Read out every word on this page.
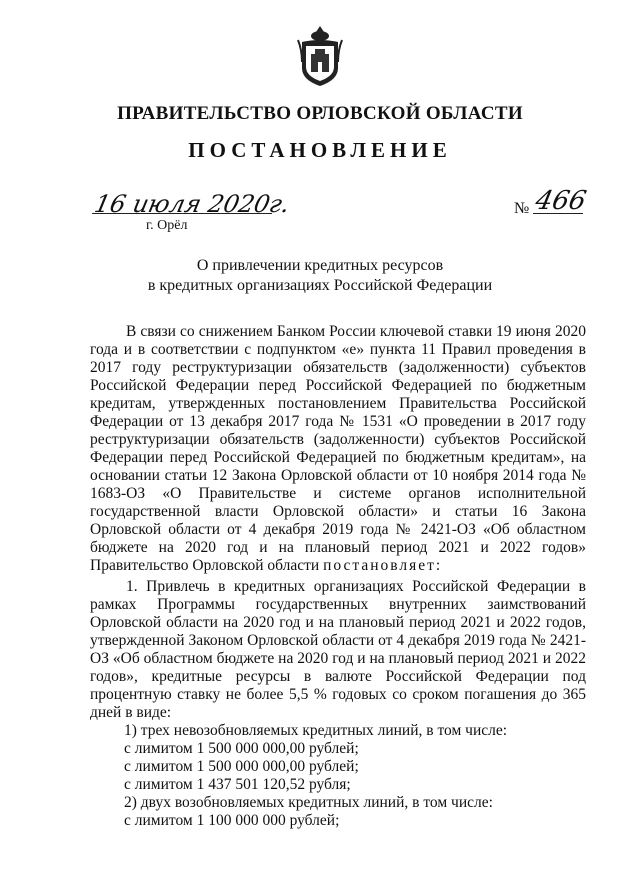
ПРАВИТЕЛЬСТВО ОРЛОВСКОЙ ОБЛАСТИ
ПОСТАНОВЛЕНИЕ
16 июля 2020г.	№ 466
г. Орёл
О привлечении кредитных ресурсов
в кредитных организациях Российской Федерации

В связи со снижением Банком России ключевой ставки 19 июня 2020 года и в соответствии с подпунктом «е» пункта 11 Правил проведения в 2017 году реструктуризации обязательств (задолженности) субъектов Российской Федерации перед Российской Федерацией по бюджетным кредитам, утвержденных постановлением Правительства Российской Федерации от 13 декабря 2017 года № 1531 «О проведении в 2017 году реструктуризации обязательств (задолженности) субъектов Российской Федерации перед Российской Федерацией по бюджетным кредитам», на основании статьи 12 Закона Орловской области от 10 ноября 2014 года № 1683-ОЗ «О Правительстве и системе органов исполнительной государственной власти Орловской области» и статьи 16 Закона Орловской области от 4 декабря 2019 года № 2421-ОЗ «Об областном бюджете на 2020 год и на плановый период 2021 и 2022 годов» Правительство Орловской области постановляет:

1. Привлечь в кредитных организациях Российской Федерации в рамках Программы государственных внутренних заимствований Орловской области на 2020 год и на плановый период 2021 и 2022 годов, утвержденной Законом Орловской области от 4 декабря 2019 года № 2421-ОЗ «Об областном бюджете на 2020 год и на плановый период 2021 и 2022 годов», кредитные ресурсы в валюте Российской Федерации под процентную ставку не более 5,5 % годовых со сроком погашения до 365 дней в виде:

1) трех невозобновляемых кредитных линий, в том числе:
с лимитом 1 500 000 000,00 рублей;
с лимитом 1 500 000 000,00 рублей;
с лимитом 1 437 501 120,52 рубля;
2) двух возобновляемых кредитных линий, в том числе:
с лимитом 1 100 000 000 рублей;
